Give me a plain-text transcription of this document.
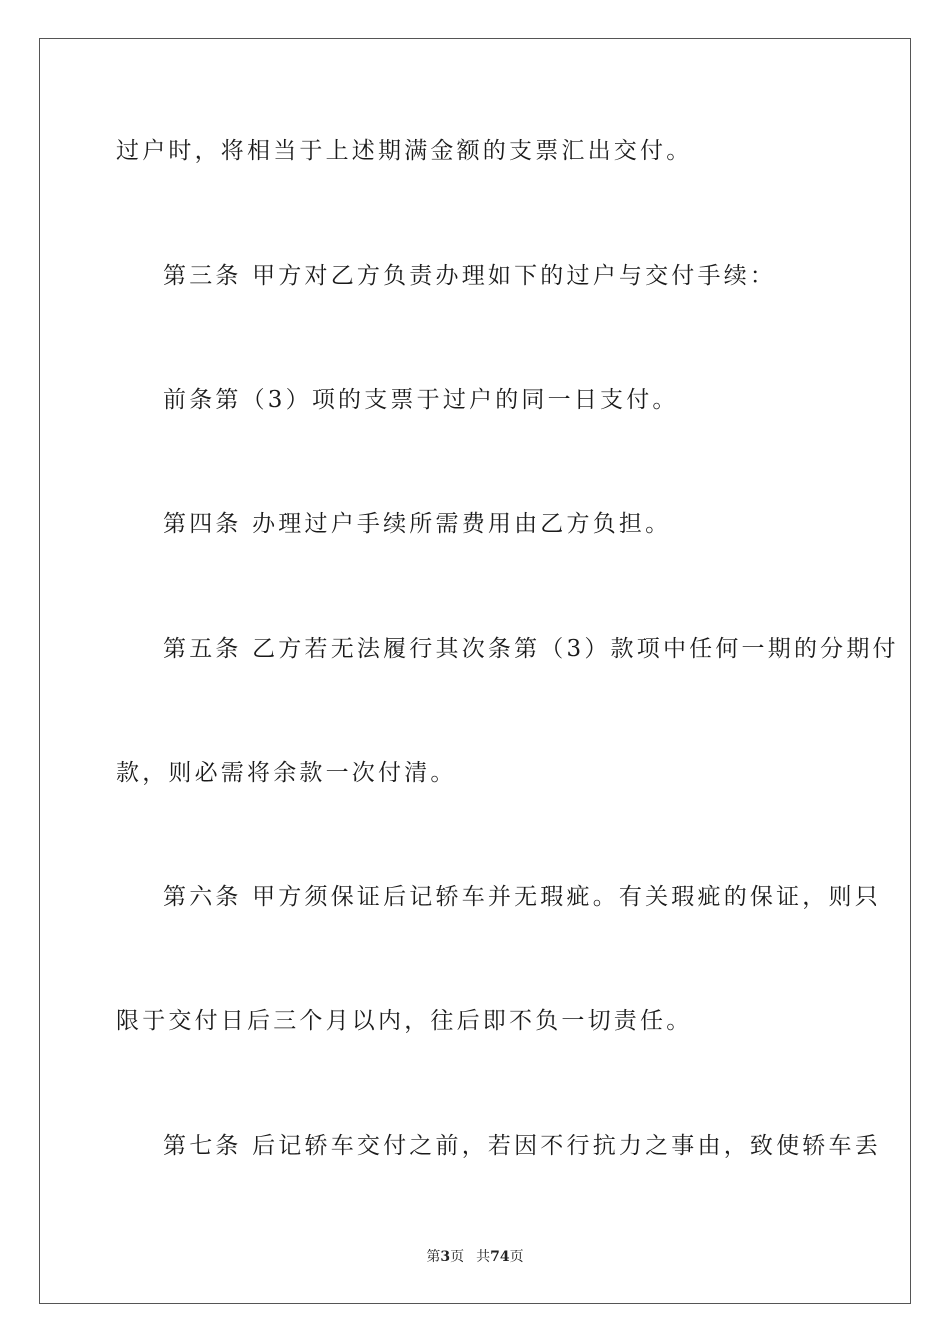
过户时，将相当于上述期满金额的支票汇出交付。
第三条 甲方对乙方负责办理如下的过户与交付手续：
前条第（3）项的支票于过户的同一日支付。
第四条 办理过户手续所需费用由乙方负担。
第五条 乙方若无法履行其次条第（3）款项中任何一期的分期付
款，则必需将余款一次付清。
第六条 甲方须保证后记轿车并无瑕疵。有关瑕疵的保证，则只
限于交付日后三个月以内，往后即不负一切责任。
第七条 后记轿车交付之前，若因不行抗力之事由，致使轿车丢
第3页 共74页
